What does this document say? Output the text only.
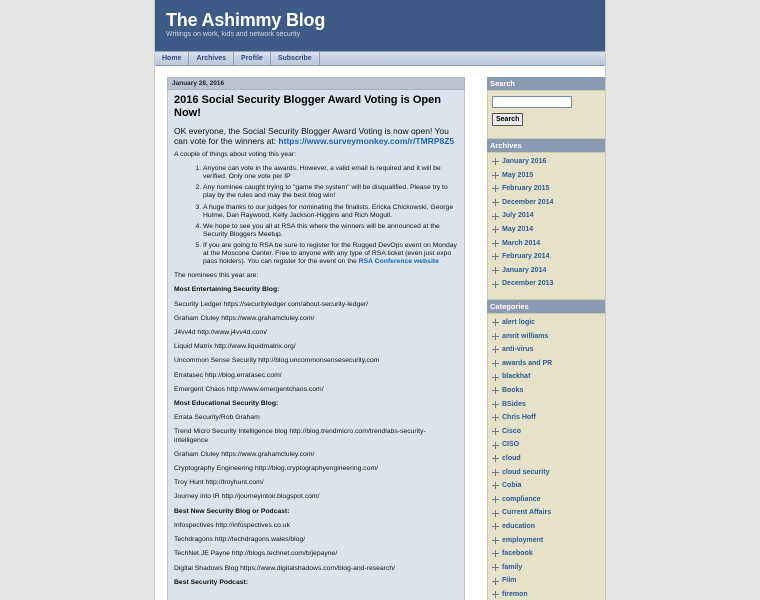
The Ashimmy Blog
Writings on work, kids and network security
Home	Archives	Profile	Subscribe
January 28, 2016
2016 Social Security Blogger Award Voting is Open Now!
OK everyone, the Social Security Blogger Award Voting is now open! You can vote for the winners at: https://www.surveymonkey.com/r/TMRP8Z5
A couple of things about voting this year:
1. Anyone can vote in the awards. However, a valid email is required and it will be verified. Only one vote per IP
2. Any nominee caught trying to "game the system" will be disqualified. Please try to play by the rules and may the best blog win!
3. A huge thanks to our judges for nominating the finalists. Ericka Chickowski, George Hulme, Dan Raywood, Kelly Jackson-Higgins and Rich Mogull.
4. We hope to see you all at RSA this where the winners will be announced at the Security Bloggers Meetup.
5. If you are going to RSA be sure to register for the Rugged DevOps event on Monday at the Moscone Center. Free to anyone with any type of RSA ticket (even just expo pass holders). You can register for the event on the RSA Conference website
The nominees this year are:
Most Entertaining Security Blog:
Security Ledger https://securityledger.com/about-security-ledger/
Graham Cluley https://www.grahamcluley.com/
J4vv4d http://www.j4vv4d.com/
Liquid Matrix http://www.liquidmatrix.org/
Uncommon Sense Security http://blog.uncommonsensesecurity.com
Erratasec http://blog.erratasec.com/
Emergent Chaos http://www.emergentchaos.com/
Most Educational Security Blog:
Errata Security/Rob Graham
Trend Micro Security Intelligence blog http://blog.trendmicro.com/trendlabs-security-intelligence
Graham Cluley https://www.grahamcluley.com/
Cryptography Engineering http://blog.cryptographyengineering.com/
Troy Hunt http://troyhunt.com/
Journey into IR http://journeyintoir.blogspot.com/
Best New Security Blog or Podcast:
Infospectives http://infospectives.co.uk
Techdragons http://techdragons.wales/blog/
TechNet.JE Payne http://blogs.technet.com/b/jepayne/
Digital Shadows Blog https://www.digitalshadows.com/blog-and-research/
Best Security Podcast:
Search
Search
Archives
January 2016
May 2015
February 2015
December 2014
July 2014
May 2014
March 2014
February 2014
January 2014
December 2013
Categories
alert logic
amrit williams
anti-virus
awards and PR
blackhat
Books
BSides
Chris Hoff
Cisco
CISO
cloud
cloud security
Cobia
compliance
Current Affairs
education
employment
facebook
family
Film
firemon
